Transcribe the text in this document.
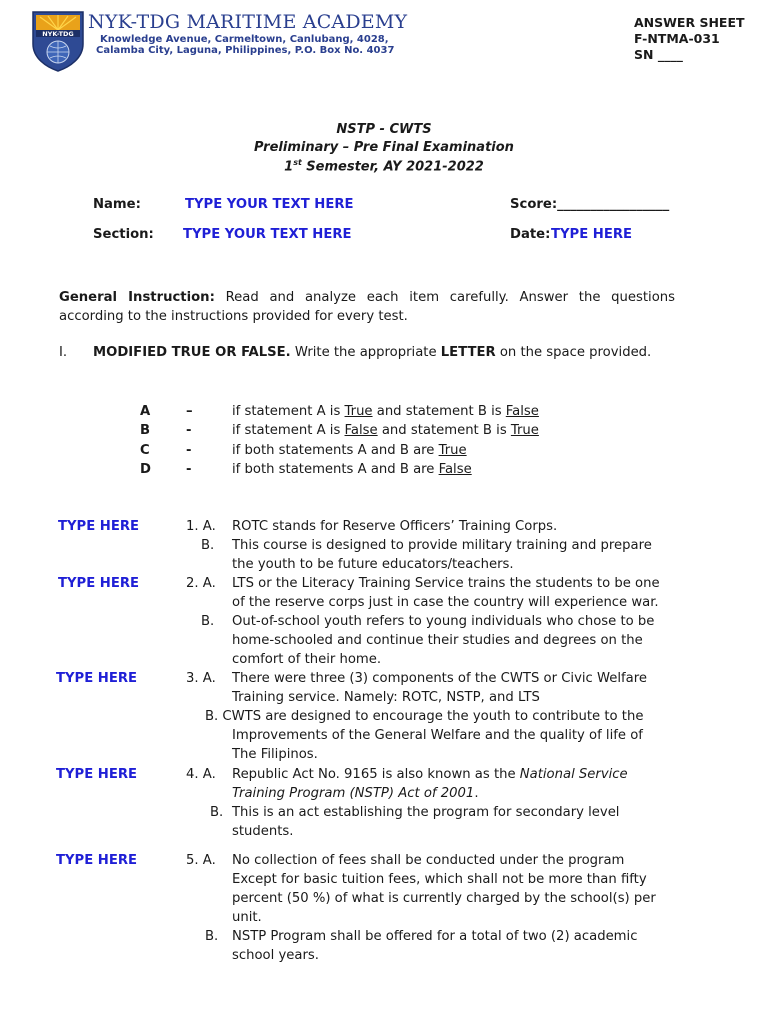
NYK-TDG
NYK-TDG MARITIME ACADEMY
Knowledge Avenue, Carmeltown, Canlubang, 4028,
Calamba City, Laguna, Philippines, P.O. Box No. 4037
ANSWER SHEET
F-NTMA-031
SN ____
NSTP - CWTS
Preliminary – Pre Final Examination
1st Semester, AY 2021-2022
Name:	TYPE YOUR TEXT HERE	Score:_________________
Section: TYPE YOUR TEXT HERE	Date: TYPE HERE
General Instruction: Read and analyze each item carefully. Answer the questions according to the instructions provided for every test.
I. MODIFIED TRUE OR FALSE. Write the appropriate LETTER on the space provided.
A	–	if statement A is True and statement B is False
B	-	if statement A is False and statement B is True
C	-	if both statements A and B are True
D	-	if both statements A and B are False
TYPE HERE	1. A. ROTC stands for Reserve Officers’ Training Corps.
B. This course is designed to provide military training and prepare
the youth to be future educators/teachers.
TYPE HERE	2. A. LTS or the Literacy Training Service trains the students to be one
of the reserve corps just in case the country will experience war.
B. Out-of-school youth refers to young individuals who chose to be
home-schooled and continue their studies and degrees on the
comfort of their home.
TYPE HERE	3. A. There were three (3) components of the CWTS or Civic Welfare
Training service. Namely: ROTC, NSTP, and LTS
B. CWTS are designed to encourage the youth to contribute to the
Improvements of the General Welfare and the quality of life of
The Filipinos.
TYPE HERE	4. A. Republic Act No. 9165 is also known as the National Service
Training Program (NSTP) Act of 2001.
B. This is an act establishing the program for secondary level
students.
TYPE HERE	5. A. No collection of fees shall be conducted under the program
Except for basic tuition fees, which shall not be more than fifty
percent (50 %) of what is currently charged by the school(s) per
unit.
B. NSTP Program shall be offered for a total of two (2) academic
school years.
